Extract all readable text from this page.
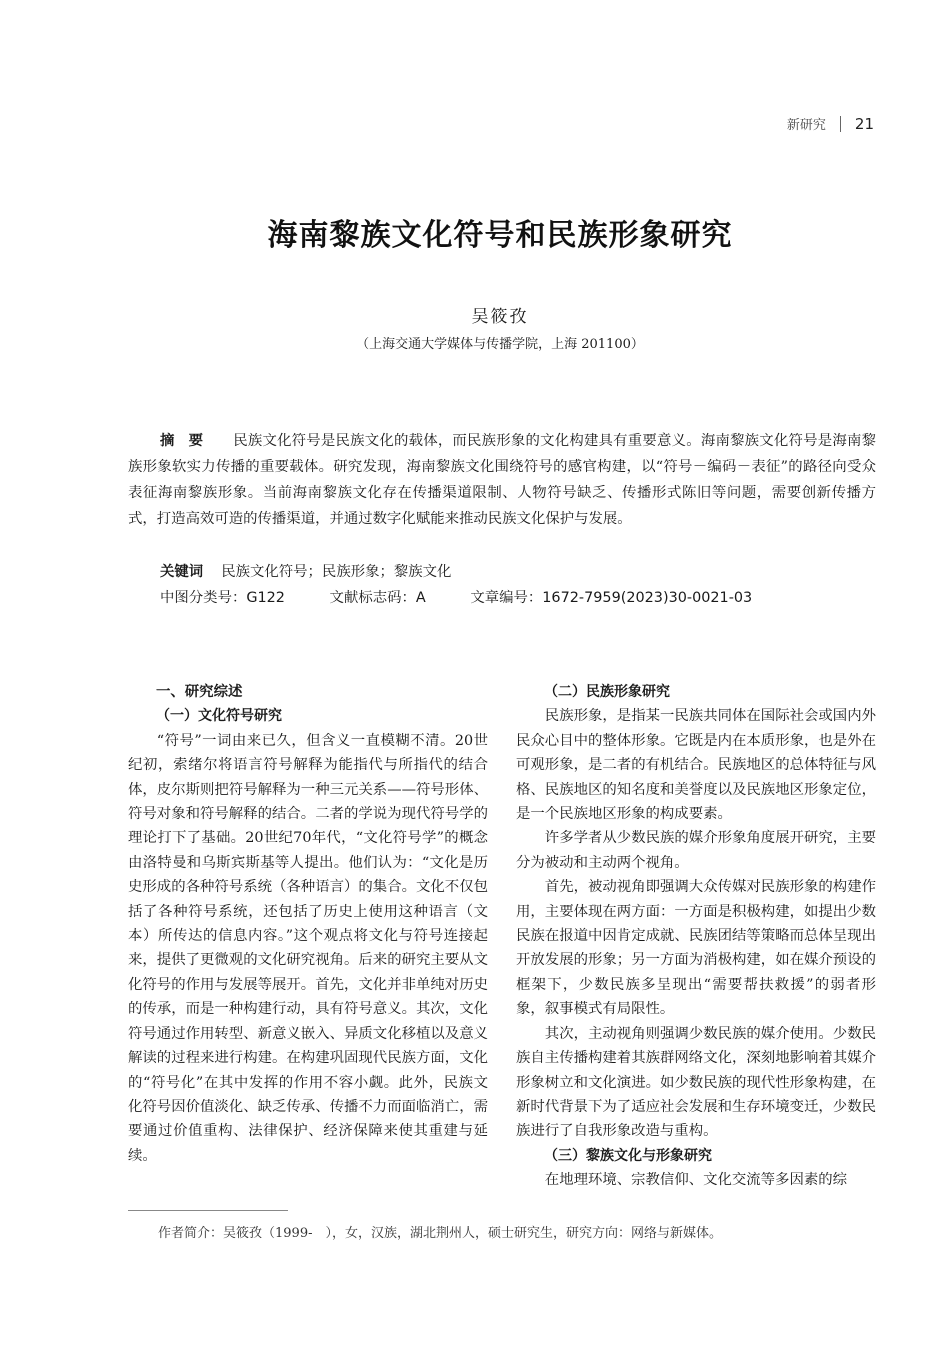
新研究 21
海南黎族文化符号和民族形象研究
吴筱孜
（上海交通大学媒体与传播学院，上海 201100）
摘要 民族文化符号是民族文化的载体，而民族形象的文化构建具有重要意义。海南黎族文化符号是海南黎族形象软实力传播的重要载体。研究发现，海南黎族文化围绕符号的感官构建，以“符号－编码－表征”的路径向受众表征海南黎族形象。当前海南黎族文化存在传播渠道限制、人物符号缺乏、传播形式陈旧等问题，需要创新传播方式，打造高效可造的传播渠道，并通过数字化赋能来推动民族文化保护与发展。
关键词 民族文化符号；民族形象；黎族文化
中图分类号：G122	文献标志码：A	文章编号：1672-7959(2023)30-0021-03
一、研究综述
（一）文化符号研究

“符号”一词由来已久，但含义一直模糊不清。20世纪初，索绪尔将语言符号解释为能指代与所指代的结合体，皮尔斯则把符号解释为一种三元关系——符号形体、符号对象和符号解释的结合。二者的学说为现代符号学的理论打下了基础。20世纪70年代，“文化符号学”的概念由洛特曼和乌斯宾斯基等人提出。他们认为：“文化是历史形成的各种符号系统（各种语言）的集合。文化不仅包括了各种符号系统，还包括了历史上使用这种语言（文本）所传达的信息内容。”这个观点将文化与符号连接起来，提供了更微观的文化研究视角。后来的研究主要从文化符号的作用与发展等展开。首先，文化并非单纯对历史的传承，而是一种构建行动，具有符号意义。其次，文化符号通过作用转型、新意义嵌入、异质文化移植以及意义解读的过程来进行构建。在构建巩固现代民族方面，文化的“符号化”在其中发挥的作用不容小觑。此外，民族文化符号因价值淡化、缺乏传承、传播不力而面临消亡，需要通过价值重构、法律保护、经济保障来使其重建与延续。

（二）民族形象研究

民族形象，是指某一民族共同体在国际社会或国内外民众心目中的整体形象。它既是内在本质形象，也是外在可观形象，是二者的有机结合。民族地区的总体特征与风格、民族地区的知名度和美誉度以及民族地区形象定位，是一个民族地区形象的构成要素。

许多学者从少数民族的媒介形象角度展开研究，主要分为被动和主动两个视角。

首先，被动视角即强调大众传媒对民族形象的构建作用，主要体现在两方面：一方面是积极构建，如提出少数民族在报道中因肯定成就、民族团结等策略而总体呈现出开放发展的形象；另一方面为消极构建，如在媒介预设的框架下，少数民族多呈现出“需要帮扶救援”的弱者形象，叙事模式有局限性。

其次，主动视角则强调少数民族的媒介使用。少数民族自主传播构建着其族群网络文化，深刻地影响着其媒介形象树立和文化演进。如少数民族的现代性形象构建，在新时代背景下为了适应社会发展和生存环境变迁，少数民族进行了自我形象改造与重构。

（三）黎族文化与形象研究

在地理环境、宗教信仰、文化交流等多因素的综

作者简介：吴筱孜（1999-　），女，汉族，湖北荆州人，硕士研究生，研究方向：网络与新媒体。
